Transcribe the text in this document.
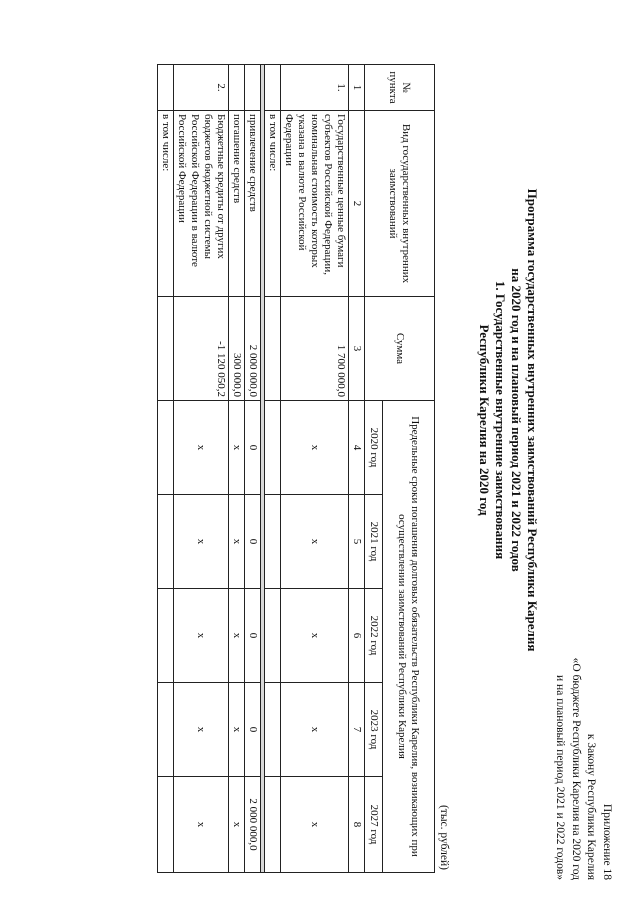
Приложение 18
к Закону Республики Карелия
«О бюджете Республики Карелия на 2020 год
и на плановый период 2021 и 2022 годов»
Программа государственных внутренних заимствований Республики Карелия
на 2020 год и на плановый период 2021 и 2022 годов
1. Государственные внутренние заимствования
Республики Карелия на 2020 год
(тыс. рублей)
№ пункта	Вид государственных внутренних заимствований	Сумма	Предельные сроки погашения долговых обязательств Республики Карелия, возникающих при осуществлении заимствований Республики Карелия				
			2020 год	2021 год	2022 год	2023 год	2027 год
1	2	3	4	5	6	7	8
1.	Государственные ценные бумаги субъектов Российской Федерации, номинальная стоимость которых указана в валюте Российской Федерации	1 700 000,0	x	x	x	x	x
	в том числе:						

	привлечение средств	2 000 000,0	0	0	0	0	2 000 000,0
	погашение средств	300 000,0	x	x	x	x	x
2.	Бюджетные кредиты от других бюджетов бюджетной системы Российской Федерации в валюте Российской Федерации	-1 120 050,2	x	x	x	x	x
	в том числе:						
